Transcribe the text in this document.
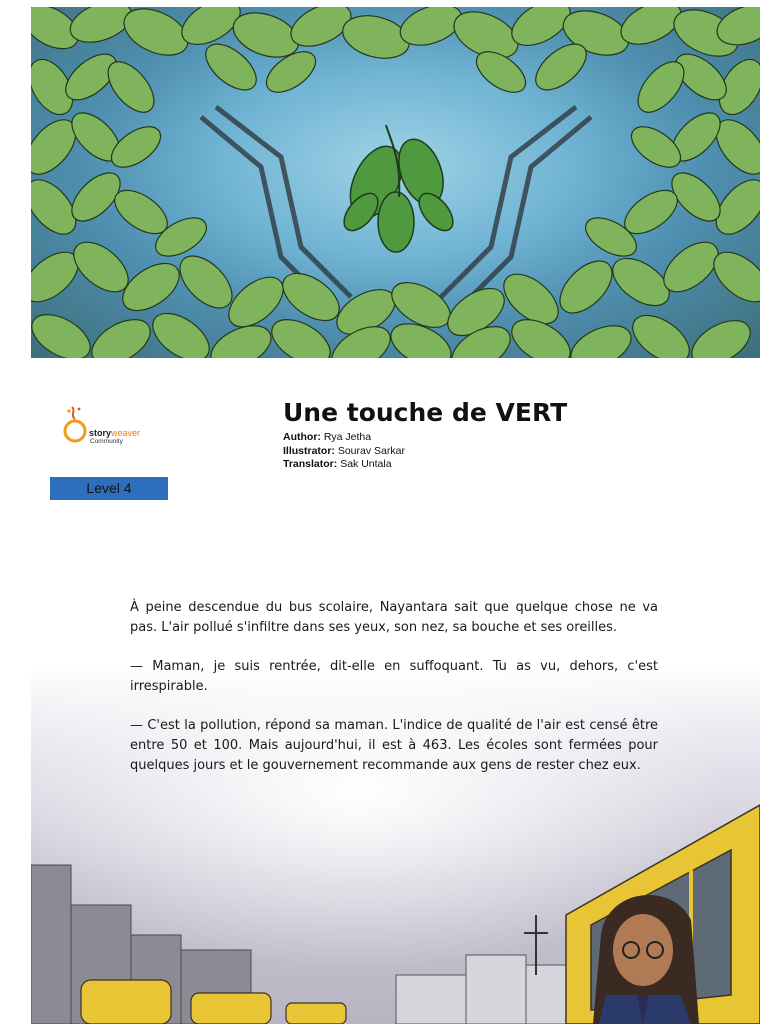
storyweaver
Community
Level 4
Une touche de VERT
Author: Rya Jetha
Illustrator: Sourav Sarkar
Translator: Sak Untala

À peine descendue du bus scolaire, Nayantara sait que quelque chose ne va pas. L'air pollué s'infiltre dans ses yeux, son nez, sa bouche et ses oreilles.

— Maman, je suis rentrée, dit-elle en suffoquant. Tu as vu, dehors, c'est irrespirable.

— C'est la pollution, répond sa maman. L'indice de qualité de l'air est censé être entre 50 et 100. Mais aujourd'hui, il est à 463. Les écoles sont fermées pour quelques jours et le gouvernement recommande aux gens de rester chez eux.
